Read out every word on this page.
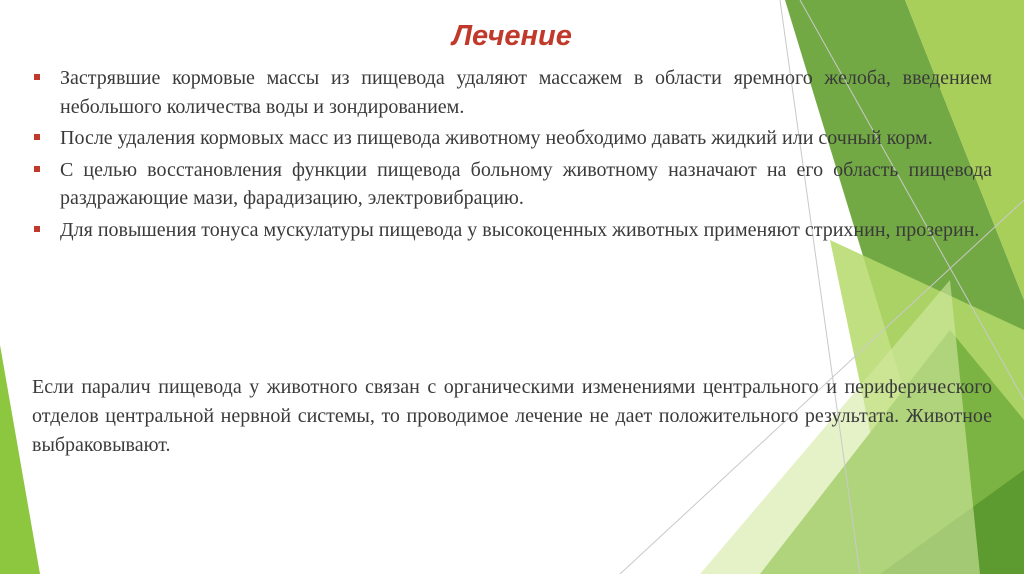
Лечение
Застрявшие кормовые массы из пищевода удаляют массажем в области яремного желоба, введением небольшого количества воды и зондированием.
После удаления кормовых масс из пищевода животному необходимо давать жидкий или сочный корм.
С целью восстановления функции пищевода больному животному назначают на его область пищевода раздражающие мази, фарадизацию, электровибрацию.
Для повышения тонуса мускулатуры пищевода у высокоценных животных применяют стрихнин, прозерин.

Если паралич пищевода у животного связан с органическими изменениями центрального и периферического отделов центральной нервной системы, то проводимое лечение не дает положительного результата. Животное выбраковывают.
